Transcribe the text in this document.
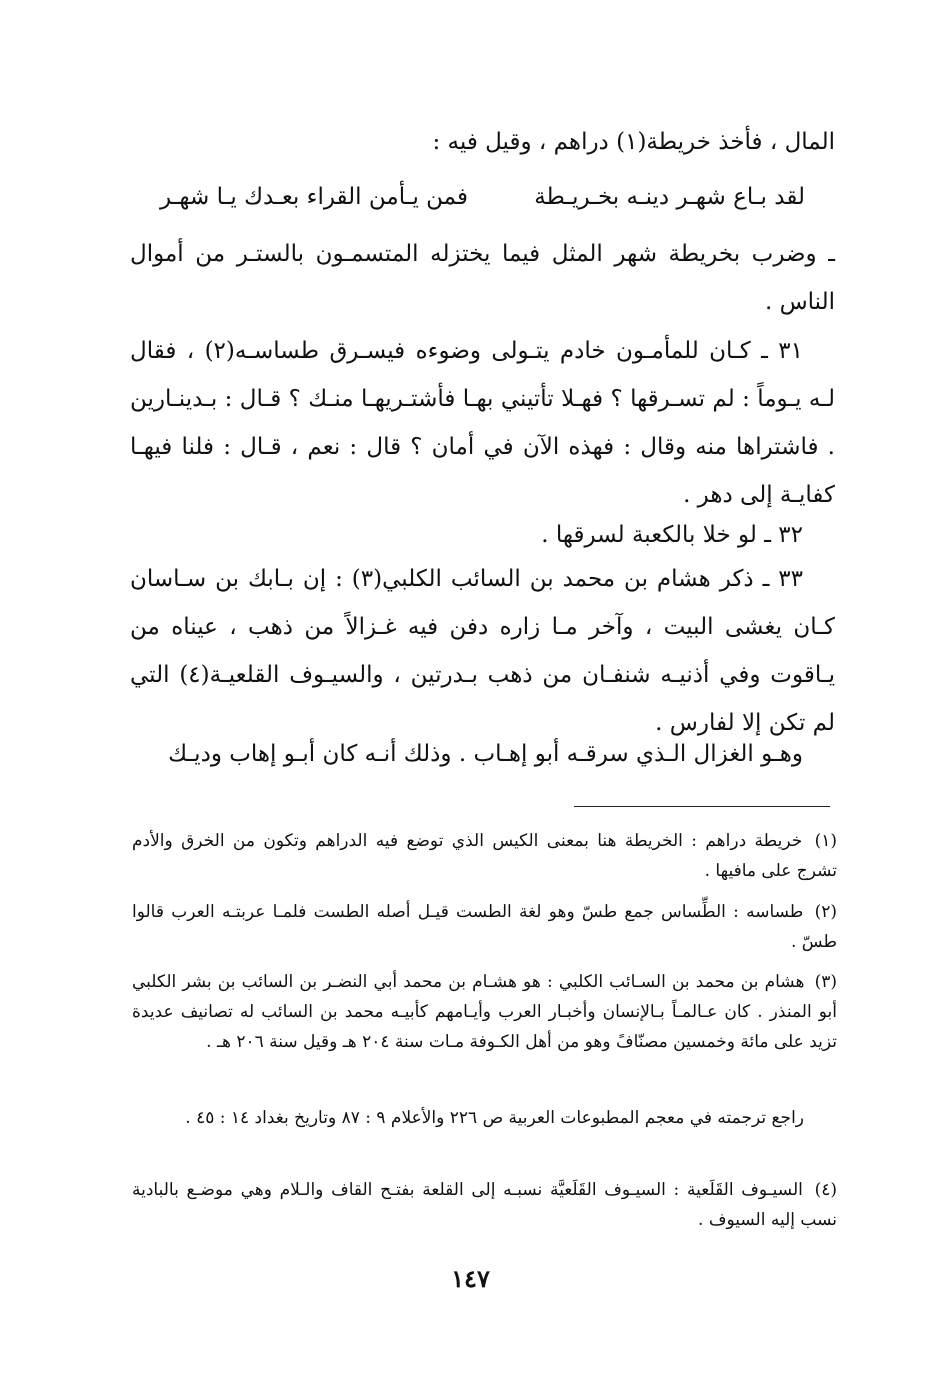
المال ، فأخذ خريطة(١) دراهم ، وقيل فيه :
لقد بـاع شهـر دينـه بخـريـطة
فمن يـأمن القراء بعـدك يـا شهـر
ـ وضرب بخريطة شهر المثل فيما يختزله المتسمـون بالستـر من أموال الناس .
٣١ ـ كـان للمأمـون خادم يتـولى وضوءه فيسـرق طساسـه(٢) ، فقال لـه يـوماً : لم تسـرقها ؟ فهـلا تأتيني بهـا فأشتـريهـا منـك ؟ قـال : بـدينـارين . فاشتراها منه وقال : فهذه الآن في أمان ؟ قال : نعم ، قـال : فلنا فيهـا كفايـة إلى دهر .
٣٢ ـ لو خلا بالكعبة لسرقها .
٣٣ ـ ذكر هشام بن محمد بن السائب الكلبي(٣) : إن بـابك بن سـاسان كـان يغشى البيت ، وآخر مـا زاره دفن فيه غـزالاً من ذهب ، عيناه من يـاقوت وفي أذنيـه شنفـان من ذهب بـدرتين ، والسيـوف القلعيـة(٤) التي لم تكن إلا لفارس .
وهـو الغزال الـذي سرقـه أبو إهـاب . وذلك أنـه كان أبـو إهاب وديـك
(١) خريطة دراهم : الخريطة هنا بمعنى الكيس الذي توضع فيه الدراهم وتكون من الخرق والأدم تشرج على مافيها .
(٢) طساسه : الطِّساس جمع طسّ وهو لغة الطست قيـل أصله الطست فلمـا عربتـه العرب قالوا طسّ .
(٣) هشام بن محمد بن السـائب الكلبي : هو هشـام بن محمد أبي النضـر بن السائب بن بشر الكلبي أبو المنذر . كان عـالمـاً بـالإنسان وأخبـار العرب وأيـامهم كأبيـه محمد بن السائب له تصانيف عديدة تزيد على مائة وخمسين مصنّافً وهو من أهل الكـوفة مـات سنة ٢٠٤ هـ وقيل سنة ٢٠٦ هـ .
راجع ترجمته في معجم المطبوعات العربية ص ٢٢٦ والأعلام ٩ : ٨٧ وتاريخ بغداد ١٤ : ٤٥ .
(٤) السيـوف القَلَعية : السيـوف القَلَعيَّة نسبـه إلى القلعة بفتـح القاف والـلام وهي موضـع بالبادية نسب إليه السيوف .
١٤٧
